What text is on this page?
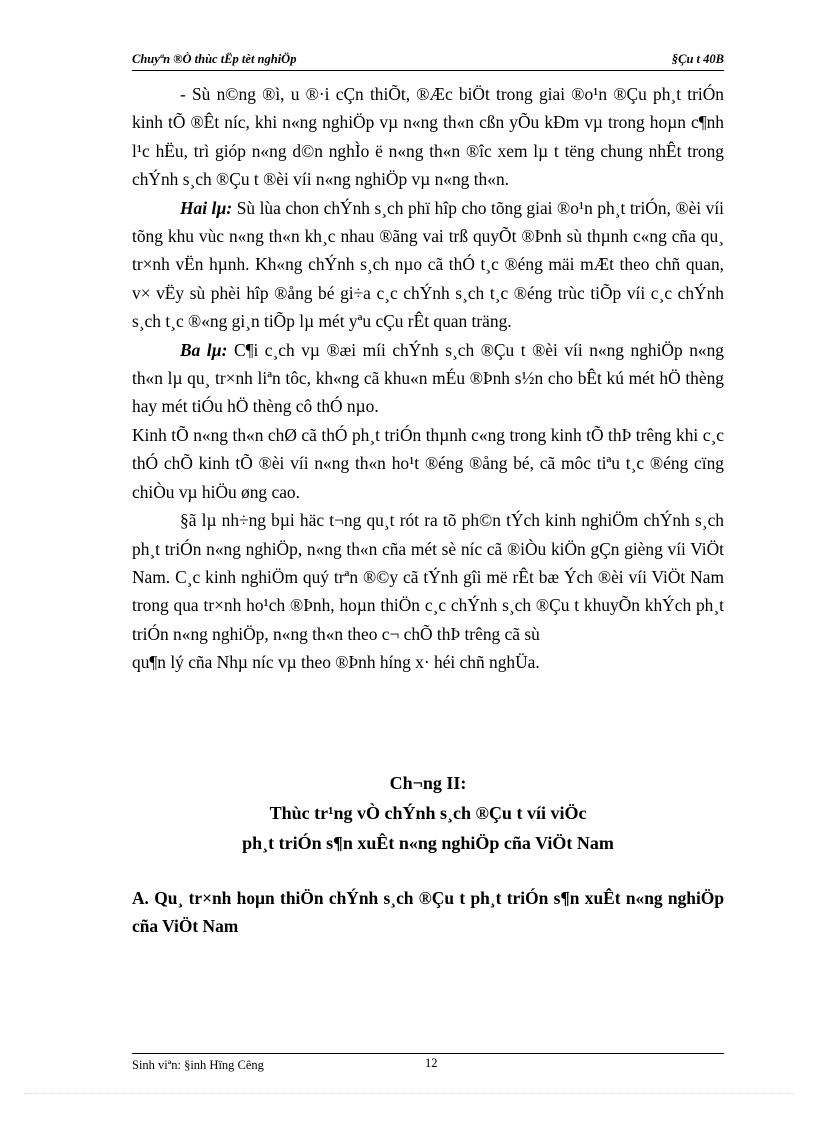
Chuyªn ®Ò thùc tËp tèt nghiÖp	§Çu t 40B

- Sù n©ng ®ì, u ®·i cÇn thiÕt, ®Æc biÖt trong giai ®o¹n ®Çu ph¸t triÓn kinh tÕ ®Êt níc, khi n«ng nghiÖp vµ n«ng th«n cßn yÕu kÐm vµ trong hoµn c¶nh l¹c hËu, trì gióp n«ng d©n nghÌo ë n«ng th«n ®îc xem lµ t tëng chung nhÊt trong chÝnh s¸ch ®Çu t ®èi víi n«ng nghiÖp vµ n«ng th«n.

Hai lµ: Sù lùa chon chÝnh s¸ch phï hîp cho tõng giai ®o¹n ph¸t triÓn, ®èi víi tõng khu vùc n«ng th«n kh¸c nhau ®ãng vai trß quyÕt ®Þnh sù thµnh c«ng cña qu¸ tr×nh vËn hµnh. Kh«ng chÝnh s¸ch nµo cã thÓ t¸c ®éng mäi mÆt theo chñ quan, v× vËy sù phèi hîp ®ång bé gi÷a c¸c chÝnh s¸ch t¸c ®éng trùc tiÕp víi c¸c chÝnh s¸ch t¸c ®«ng gi¸n tiÕp lµ mét yªu cÇu rÊt quan träng.

Ba lµ: C¶i c¸ch vµ ®æi míi chÝnh s¸ch ®Çu t ®èi víi n«ng nghiÖp n«ng th«n lµ qu¸ tr×nh liªn tôc, kh«ng cã khu«n mÉu ®Þnh s½n cho bÊt kú mét hÖ thèng hay mét tiÓu hÖ thèng cô thÓ nµo.

Kinh tÕ n«ng th«n chØ cã thÓ ph¸t triÓn thµnh c«ng trong kinh tÕ thÞ trêng khi c¸c thÓ chÕ kinh tÕ ®èi víi n«ng th«n ho¹t ®éng ®ång bé, cã môc tiªu t¸c ®éng cïng chiÒu vµ hiÖu øng cao.

§ã lµ nh÷ng bµi häc t¬ng qu¸t rót ra tõ ph©n tÝch kinh nghiÖm chÝnh s¸ch ph¸t triÓn n«ng nghiÖp, n«ng th«n cña mét sè níc cã ®iÒu kiÖn gÇn gièng víi ViÖt Nam. C¸c kinh nghiÖm quý trªn ®©y cã tÝnh gîi më rÊt bæ Ých ®èi víi ViÖt Nam trong qua tr×nh ho¹ch ®Þnh, hoµn thiÖn c¸c chÝnh s¸ch ®Çu t khuyÕn khÝch ph¸t triÓn n«ng nghiÖp, n«ng th«n theo c¬ chÕ thÞ trêng cã sù

qu¶n lý cña Nhµ níc vµ theo ®Þnh híng x· héi chñ nghÜa.

Ch¬ng II:
Thùc tr¹ng vÒ chÝnh s¸ch ®Çu t víi viÖc
ph¸t triÓn s¶n xuÊt n«ng nghiÖp cña ViÖt Nam
A. Qu¸ tr×nh hoµn thiÖn chÝnh s¸ch ®Çu t ph¸t triÓn s¶n xuÊt n«ng nghiÖp cña ViÖt Nam
Sinh viªn: §inh Hïng Cêng	12
